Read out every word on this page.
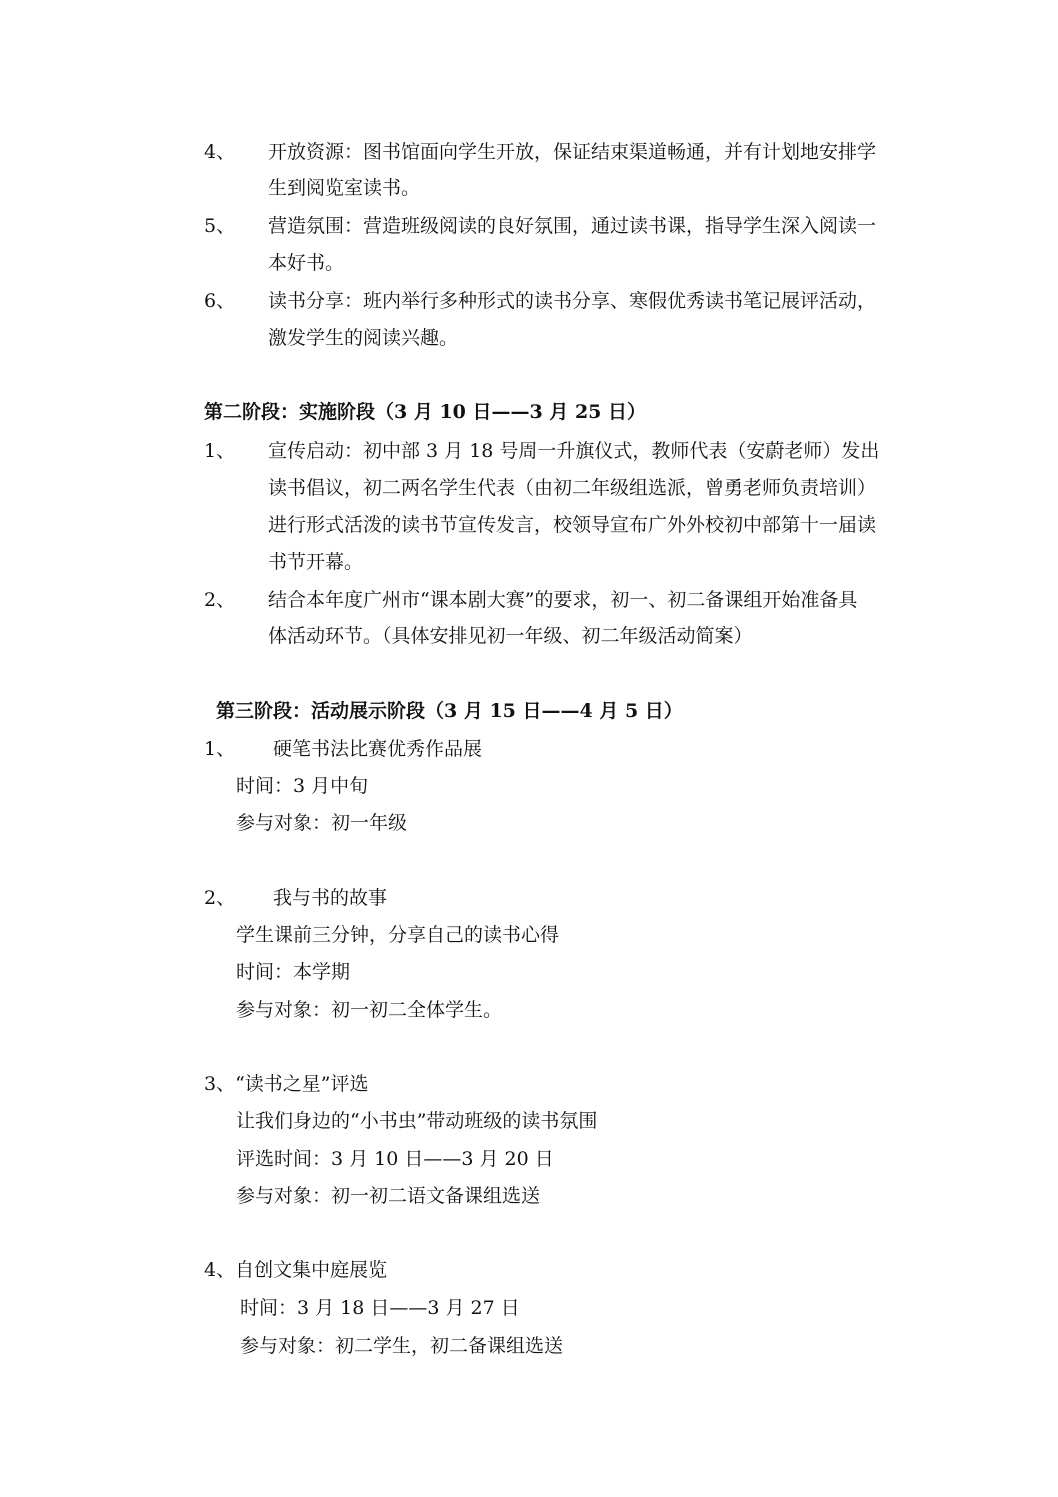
4、 开放资源：图书馆面向学生开放，保证结束渠道畅通，并有计划地安排学
生到阅览室读书。
5、 营造氛围：营造班级阅读的良好氛围，通过读书课，指导学生深入阅读一
本好书。
6、 读书分享：班内举行多种形式的读书分享、寒假优秀读书笔记展评活动，
激发学生的阅读兴趣。
第二阶段：实施阶段（3 月 10 日——3 月 25 日）
1、 宣传启动：初中部 3 月 18 号周一升旗仪式，教师代表（安蔚老师）发出
读书倡议，初二两名学生代表（由初二年级组选派，曾勇老师负责培训）
进行形式活泼的读书节宣传发言，校领导宣布广外外校初中部第十一届读
书节开幕。
2、 结合本年度广州市“课本剧大赛”的要求，初一、初二备课组开始准备具
体活动环节。（具体安排见初一年级、初二年级活动简案）
第三阶段：活动展示阶段（3 月 15 日——4 月 5 日）
1、 硬笔书法比赛优秀作品展
时间：3 月中旬
参与对象：初一年级
2、 我与书的故事
学生课前三分钟，分享自己的读书心得
时间：本学期
参与对象：初一初二全体学生。
3、“读书之星”评选
让我们身边的“小书虫”带动班级的读书氛围
评选时间：3 月 10 日——3 月 20 日
参与对象：初一初二语文备课组选送
4、自创文集中庭展览
时间：3 月 18 日——3 月 27 日
参与对象：初二学生，初二备课组选送
